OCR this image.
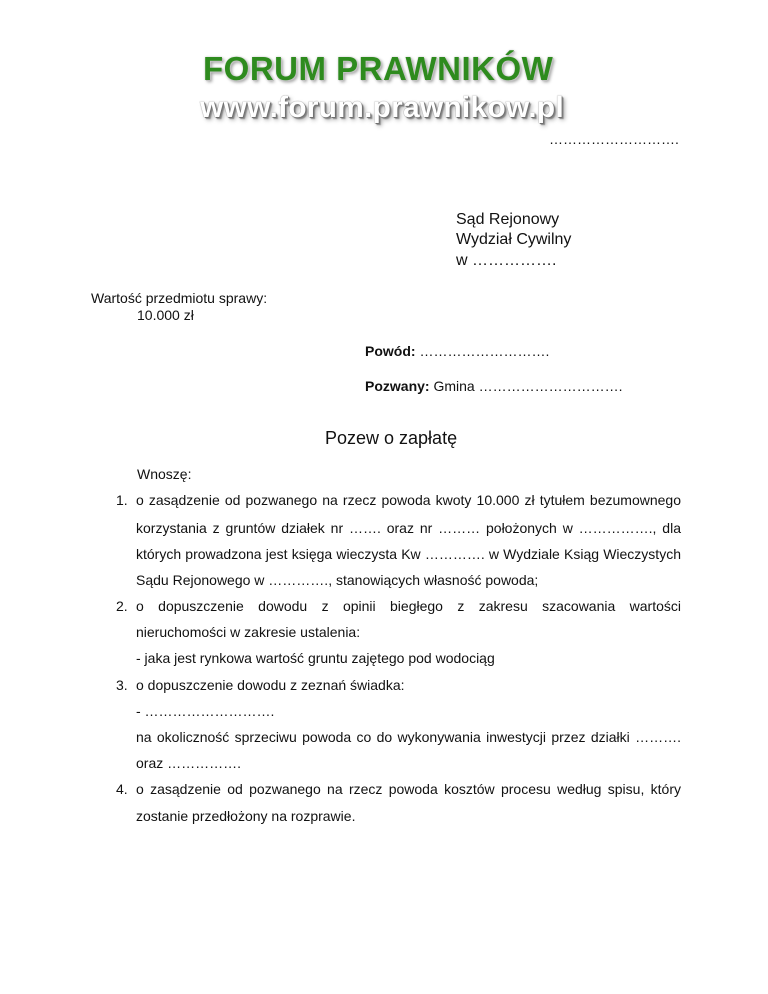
FORUM PRAWNIKÓW
www.forum.prawnikow.pl
……………………….
Sąd Rejonowy
Wydział Cywilny
w …………….
Wartość przedmiotu sprawy:
10.000 zł
Powód: ……………………….
Pozwany: Gmina ………………………….
Pozew o zapłatę
Wnoszę:
1. o zasądzenie od pozwanego na rzecz powoda kwoty 10.000 zł tytułem bezumownego
korzystania z gruntów działek nr ……. oraz nr ……… położonych w ……………., dla
których prowadzona jest księga wieczysta Kw …………. w Wydziale Ksiąg Wieczystych
Sądu Rejonowego w …………., stanowiących własność powoda;
2. o dopuszczenie dowodu z opinii biegłego z zakresu szacowania wartości
nieruchomości w zakresie ustalenia:
- jaka jest rynkowa wartość gruntu zajętego pod wodociąg
3. o dopuszczenie dowodu z zeznań świadka:
- ……………………….
na okoliczność sprzeciwu powoda co do wykonywania inwestycji przez działki ……….
oraz …………….
4. o zasądzenie od pozwanego na rzecz powoda kosztów procesu według spisu, który
zostanie przedłożony na rozprawie.
